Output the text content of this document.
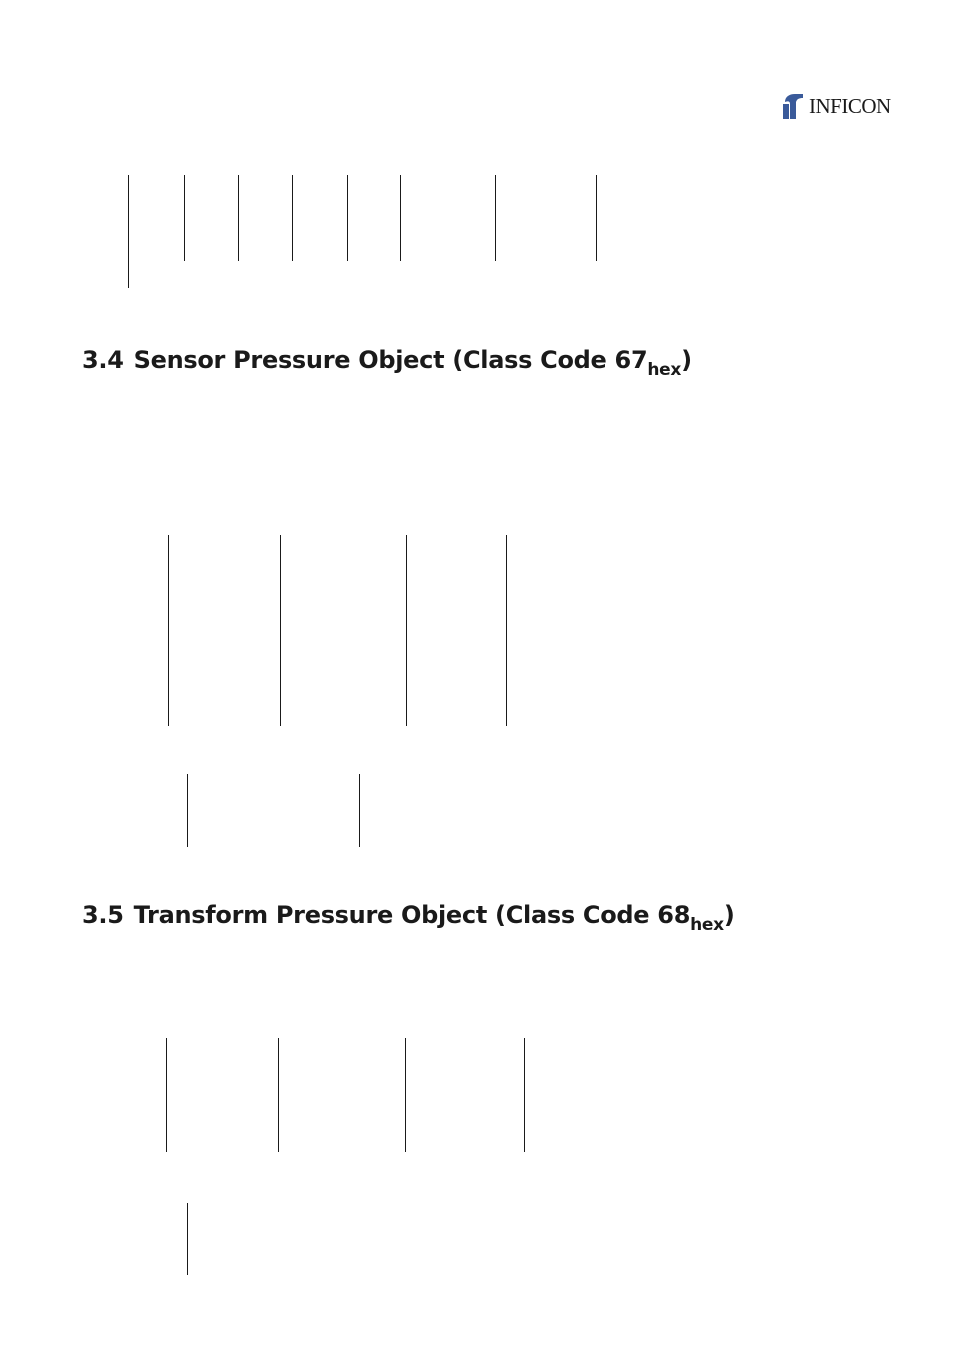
INFICON
3.4 Sensor Pressure Object (Class Code $67_{hex}$)
3.5 Transform Pressure Object (Class Code $68_{hex}$)
